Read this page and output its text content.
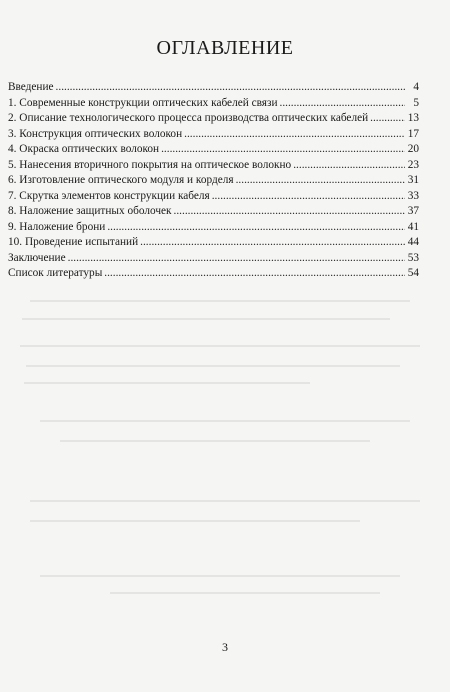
ОГЛАВЛЕНИЕ
Введение .....	4
1. Современные конструкции оптических кабелей связи .....	5
2. Описание технологического процесса производства оптических кабелей .....	13
3. Конструкция оптических волокон .....	17
4. Окраска оптических волокон .....	20
5. Нанесения вторичного покрытия на оптическое волокно .....	23
6. Изготовление оптического модуля и корделя .....	31
7. Скрутка элементов конструкции кабеля .....	33
8. Наложение защитных оболочек .....	37
9. Наложение брони .....	41
10. Проведение испытаний .....	44
Заключение .....	53
Список литературы .....	54
3
